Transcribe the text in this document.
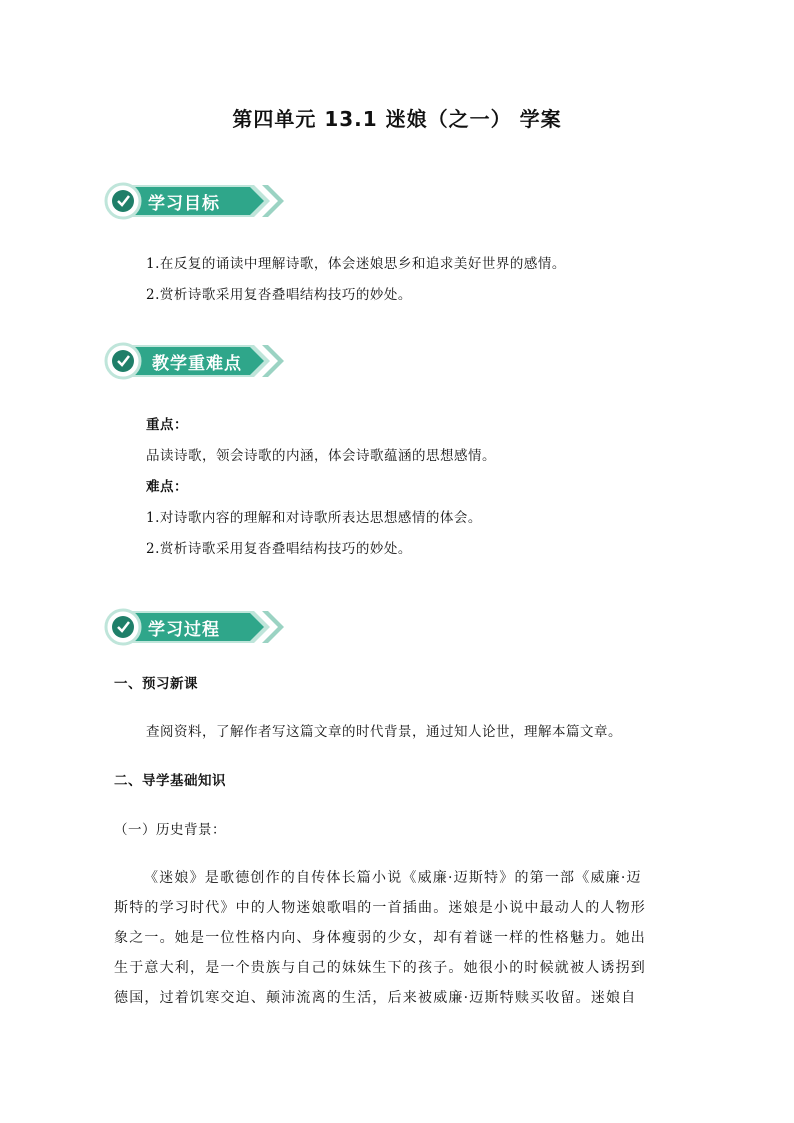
第四单元 13.1 迷娘（之一） 学案
学习目标
1.在反复的诵读中理解诗歌，体会迷娘思乡和追求美好世界的感情。
2.赏析诗歌采用复沓叠唱结构技巧的妙处。
教学重难点
重点：
品读诗歌，领会诗歌的内涵，体会诗歌蕴涵的思想感情。
难点：
1.对诗歌内容的理解和对诗歌所表达思想感情的体会。
2.赏析诗歌采用复沓叠唱结构技巧的妙处。
学习过程
一、预习新课
查阅资料，了解作者写这篇文章的时代背景，通过知人论世，理解本篇文章。
二、导学基础知识
（一）历史背景：
《迷娘》是歌德创作的自传体长篇小说《威廉·迈斯特》的第一部《威廉·迈
斯特的学习时代》中的人物迷娘歌唱的一首插曲。迷娘是小说中最动人的人物形
象之一。她是一位性格内向、身体瘦弱的少女，却有着谜一样的性格魅力。她出
生于意大利，是一个贵族与自己的妹妹生下的孩子。她很小的时候就被人诱拐到
德国，过着饥寒交迫、颠沛流离的生活，后来被威廉·迈斯特赎买收留。迷娘自
